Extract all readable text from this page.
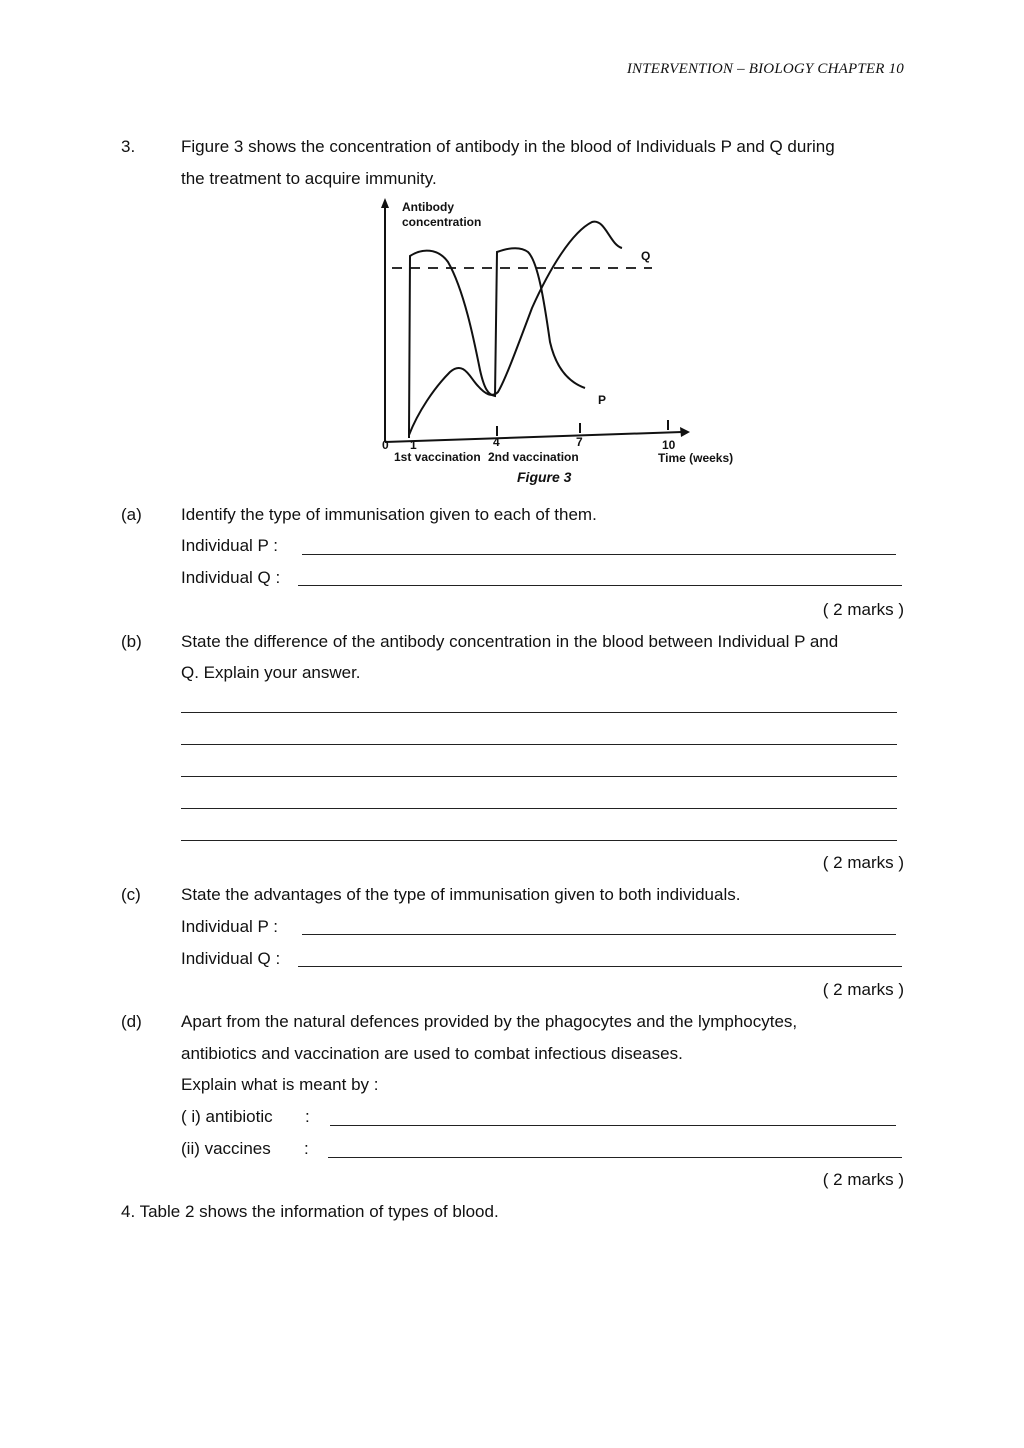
INTERVENTION – BIOLOGY CHAPTER 10
3.	Figure 3 shows the concentration of antibody in the blood of Individuals P and Q during
the treatment to acquire immunity.
Antibody
concentration
Q
P
0 1	4	7	10
1st vaccination 2nd vaccination	Time (weeks)
Figure 3
(a) Identify the type of immunisation given to each of them.
Individual P :
Individual Q :
( 2 marks )
(b) State the difference of the antibody concentration in the blood between Individual P and
Q. Explain your answer.
( 2 marks )
(c) State the advantages of the type of immunisation given to both individuals.
Individual P :
Individual Q :
( 2 marks )
(d) Apart from the natural defences provided by the phagocytes and the lymphocytes,
antibiotics and vaccination are used to combat infectious diseases.
Explain what is meant by :
( i) antibiotic :
(ii) vaccines :
( 2 marks )
4. Table 2 shows the information of types of blood.
